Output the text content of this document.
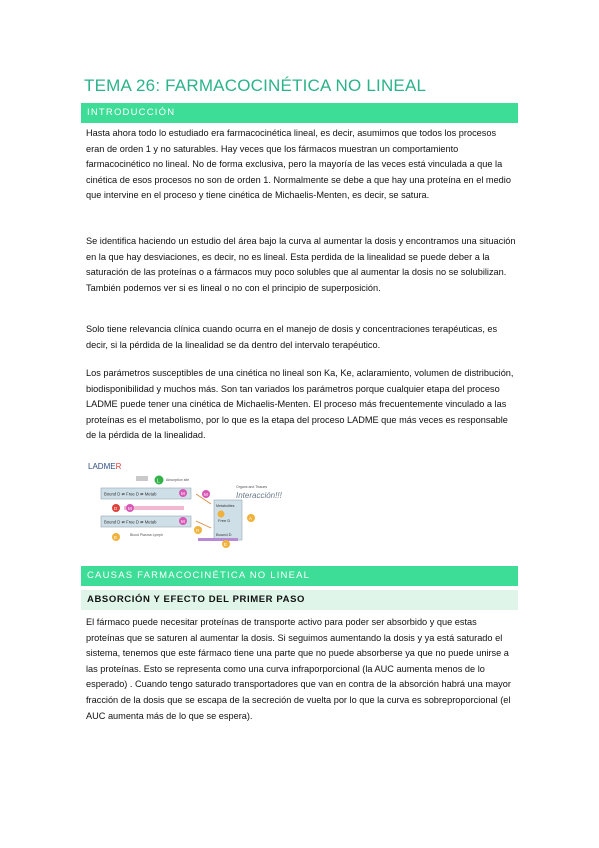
TEMA 26: FARMACOCINÉTICA NO LINEAL
INTRODUCCIÓN

Hasta ahora todo lo estudiado era farmacocinética lineal, es decir, asumimos que todos los procesos eran de orden 1 y no saturables. Hay veces que los fármacos muestran un comportamiento farmacocinético no lineal. No de forma exclusiva, pero la mayoría de las veces está vinculada a que la cinética de esos procesos no son de orden 1. Normalmente se debe a que hay una proteína en el medio que intervine en el proceso y tiene cinética de Michaelis-Menten, es decir, se satura.

Se identifica haciendo un estudio del área bajo la curva al aumentar la dosis y encontramos una situación en la que hay desviaciones, es decir, no es lineal. Esta perdida de la linealidad se puede deber a la saturación de las proteínas o a fármacos muy poco solubles que al aumentar la dosis no se solubilizan. También podemos ver si es lineal o no con el principio de superposición.

Solo tiene relevancia clínica cuando ocurra en el manejo de dosis y concentraciones terapéuticas, es decir, si la pérdida de la linealidad se da dentro del intervalo terapéutico.

Los parámetros susceptibles de una cinética no lineal son Ka, Ke, aclaramiento, volumen de distribución, biodisponibilidad y muchos más. Son tan variados los parámetros porque cualquier etapa del proceso LADME puede tener una cinética de Michaelis-Menten. El proceso más frecuentemente vinculado a las proteínas es el metabolismo, por lo que es la etapa del proceso LADME que más veces es responsable de la pérdida de la linealidad.

LADMER
L Absorption site
Bound D ⇄ Free D ⇄ Metab	M
Organs and Tissues
M
D M	Metabolites
Free D
Bound D
A
Bound D ⇄ Free D ⇄ Metab	M
E	Blood Plasma Lymph
R
E
Interacción!!!
CAUSAS FARMACOCINÉTICA NO LINEAL
ABSORCIÓN Y EFECTO DEL PRIMER PASO

El fármaco puede necesitar proteínas de transporte activo para poder ser absorbido y que estas proteínas que se saturen al aumentar la dosis. Si seguimos aumentando la dosis y ya está saturado el sistema, tenemos que este fármaco tiene una parte que no puede absorberse ya que no puede unirse a las proteínas. Esto se representa como una curva infraporporcional (la AUC aumenta menos de lo esperado) . Cuando tengo saturado transportadores que van en contra de la absorción habrá una mayor fracción de la dosis que se escapa de la secreción de vuelta por lo que la curva es sobreproporcional (el AUC aumenta más de lo que se espera).
